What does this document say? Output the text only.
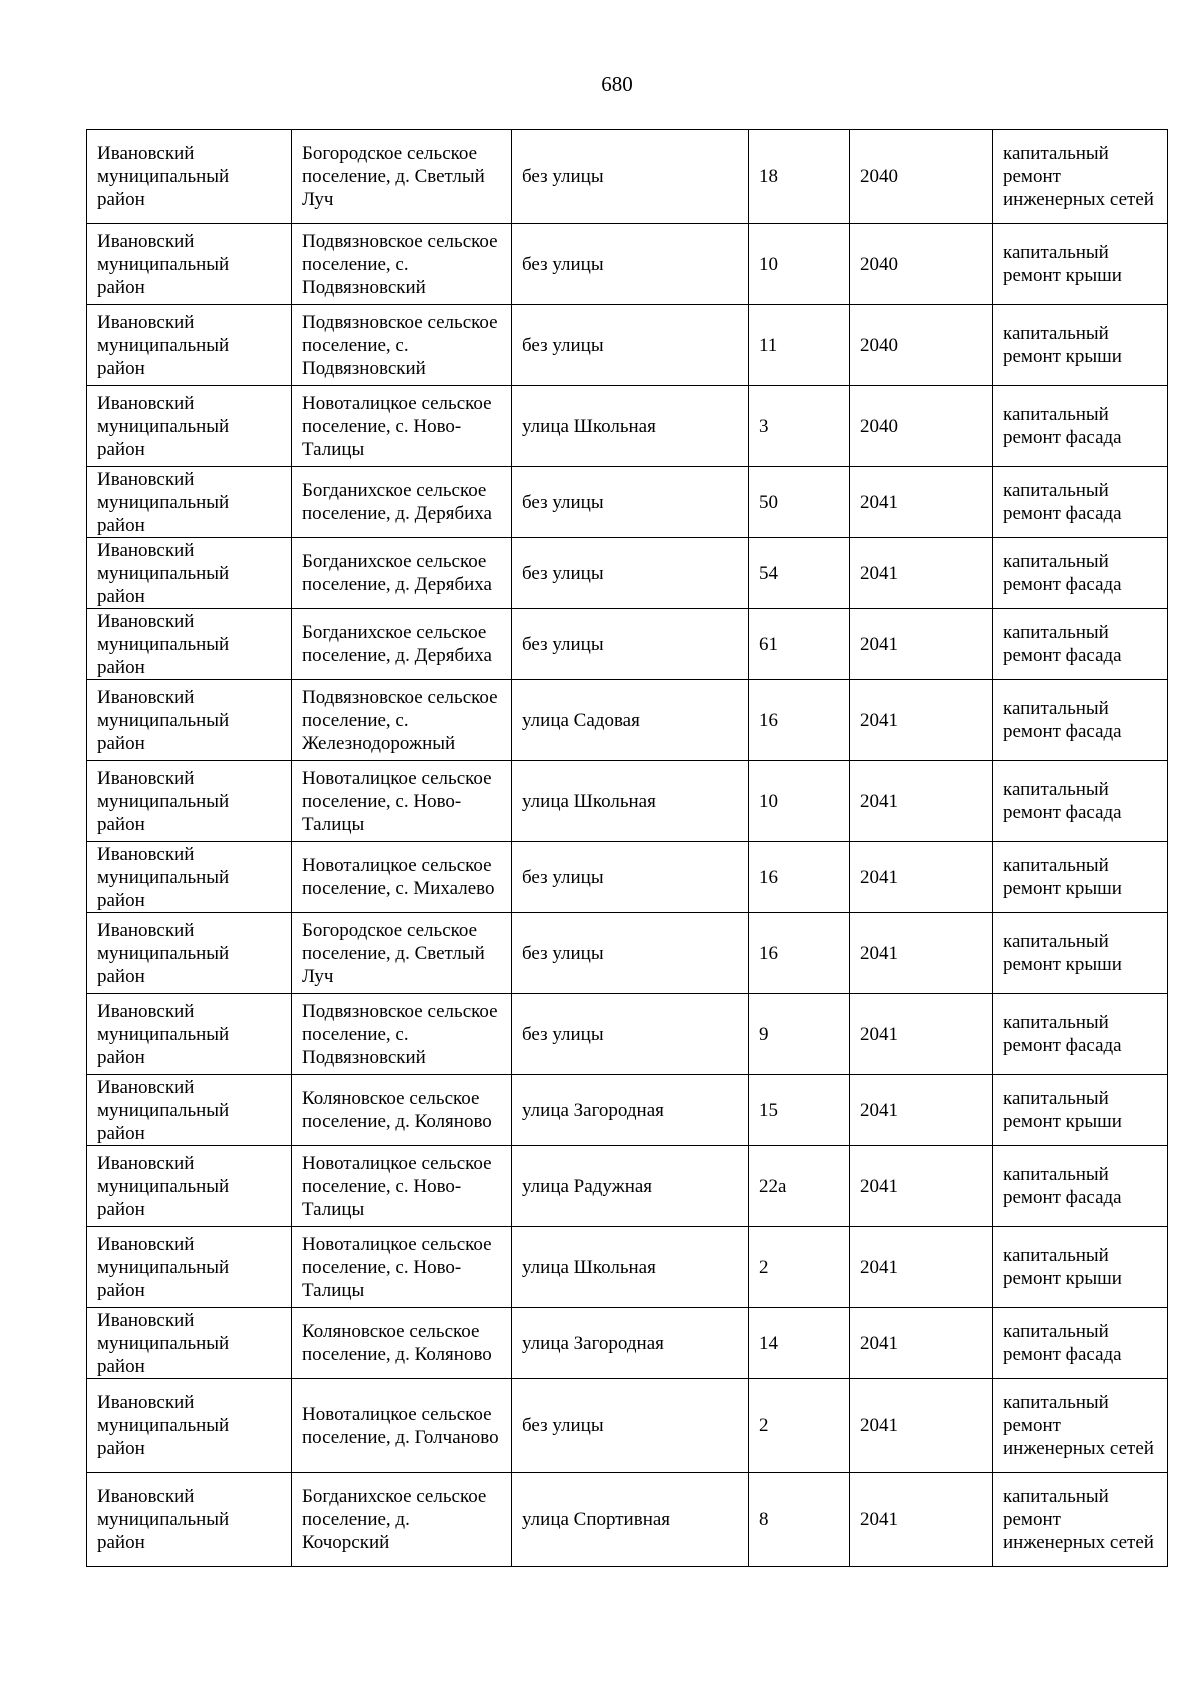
680
Ивановский муниципальный район	Богородское сельское поселение, д. Светлый Луч	без улицы	18	2040	капитальный ремонт инженерных сетей
Ивановский муниципальный район	Подвязновское сельское поселение, с. Подвязновский	без улицы	10	2040	капитальный ремонт крыши
Ивановский муниципальный район	Подвязновское сельское поселение, с. Подвязновский	без улицы	11	2040	капитальный ремонт крыши
Ивановский муниципальный район	Новоталицкое сельское поселение, с. Ново-Талицы	улица Школьная	3	2040	капитальный ремонт фасада
Ивановский муниципальный район	Богданихское сельское поселение, д. Дерябиха	без улицы	50	2041	капитальный ремонт фасада
Ивановский муниципальный район	Богданихское сельское поселение, д. Дерябиха	без улицы	54	2041	капитальный ремонт фасада
Ивановский муниципальный район	Богданихское сельское поселение, д. Дерябиха	без улицы	61	2041	капитальный ремонт фасада
Ивановский муниципальный район	Подвязновское сельское поселение, с. Железнодорожный	улица Садовая	16	2041	капитальный ремонт фасада
Ивановский муниципальный район	Новоталицкое сельское поселение, с. Ново-Талицы	улица Школьная	10	2041	капитальный ремонт фасада
Ивановский муниципальный район	Новоталицкое сельское поселение, с. Михалево	без улицы	16	2041	капитальный ремонт крыши
Ивановский муниципальный район	Богородское сельское поселение, д. Светлый Луч	без улицы	16	2041	капитальный ремонт крыши
Ивановский муниципальный район	Подвязновское сельское поселение, с. Подвязновский	без улицы	9	2041	капитальный ремонт фасада
Ивановский муниципальный район	Коляновское сельское поселение, д. Коляново	улица Загородная	15	2041	капитальный ремонт крыши
Ивановский муниципальный район	Новоталицкое сельское поселение, с. Ново-Талицы	улица Радужная	22а	2041	капитальный ремонт фасада
Ивановский муниципальный район	Новоталицкое сельское поселение, с. Ново-Талицы	улица Школьная	2	2041	капитальный ремонт крыши
Ивановский муниципальный район	Коляновское сельское поселение, д. Коляново	улица Загородная	14	2041	капитальный ремонт фасада
Ивановский муниципальный район	Новоталицкое сельское поселение, д. Голчаново	без улицы	2	2041	капитальный ремонт инженерных сетей
Ивановский муниципальный район	Богданихское сельское поселение, д. Кочорский	улица Спортивная	8	2041	капитальный ремонт инженерных сетей
